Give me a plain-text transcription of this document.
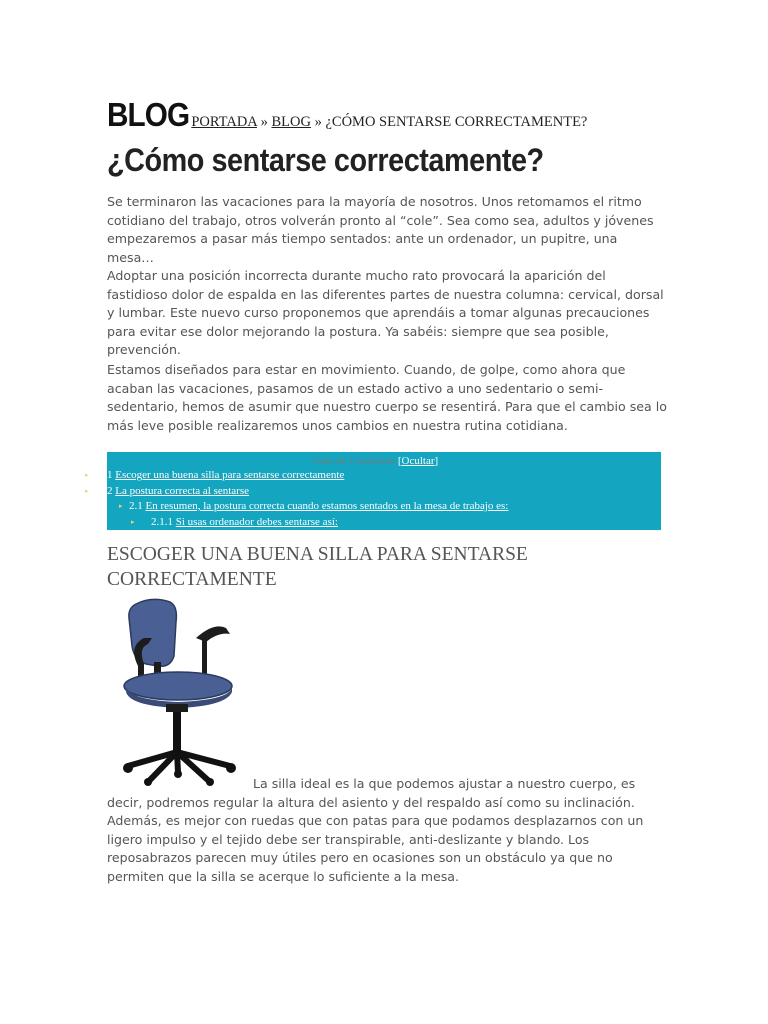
BLOG PORTADA » BLOG » ¿CÓMO SENTARSE CORRECTAMENTE?
¿Cómo sentarse correctamente?

Se terminaron las vacaciones para la mayoría de nosotros. Unos retomamos el ritmo cotidiano del trabajo, otros volverán pronto al “cole”. Sea como sea, adultos y jóvenes empezaremos a pasar más tiempo sentados: ante un ordenador, un pupitre, una mesa…

Adoptar una posición incorrecta durante mucho rato provocará la aparición del fastidioso dolor de espalda en las diferentes partes de nuestra columna: cervical, dorsal y lumbar. Este nuevo curso proponemos que aprendáis a tomar algunas precauciones para evitar ese dolor mejorando la postura. Ya sabéis: siempre que sea posible, prevención.

Estamos diseñados para estar en movimiento. Cuando, de golpe, como ahora que acaban las vacaciones, pasamos de un estado activo a uno sedentario o semi-sedentario, hemos de asumir que nuestro cuerpo se resentirá. Para que el cambio sea lo más leve posible realizaremos unos cambios en nuestra rutina cotidiana.

Guía de Contenido [Ocultar]
▸ 1 Escoger una buena silla para sentarse correctamente
▸ 2 La postura correcta al sentarse
▸ 2.1 En resumen, la postura correcta cuando estamos sentados en la mesa de trabajo es:
▸ 2.1.1 Si usas ordenador debes sentarse así:
ESCOGER UNA BUENA SILLA PARA SENTARSE CORRECTAMENTE

La silla ideal es la que podemos ajustar a nuestro cuerpo, es decir, podremos regular la altura del asiento y del respaldo así como su inclinación. Además, es mejor con ruedas que con patas para que podamos desplazarnos con un ligero impulso y el tejido debe ser transpirable, anti-deslizante y blando. Los reposabrazos parecen muy útiles pero en ocasiones son un obstáculo ya que no permiten que la silla se acerque lo suficiente a la mesa.
